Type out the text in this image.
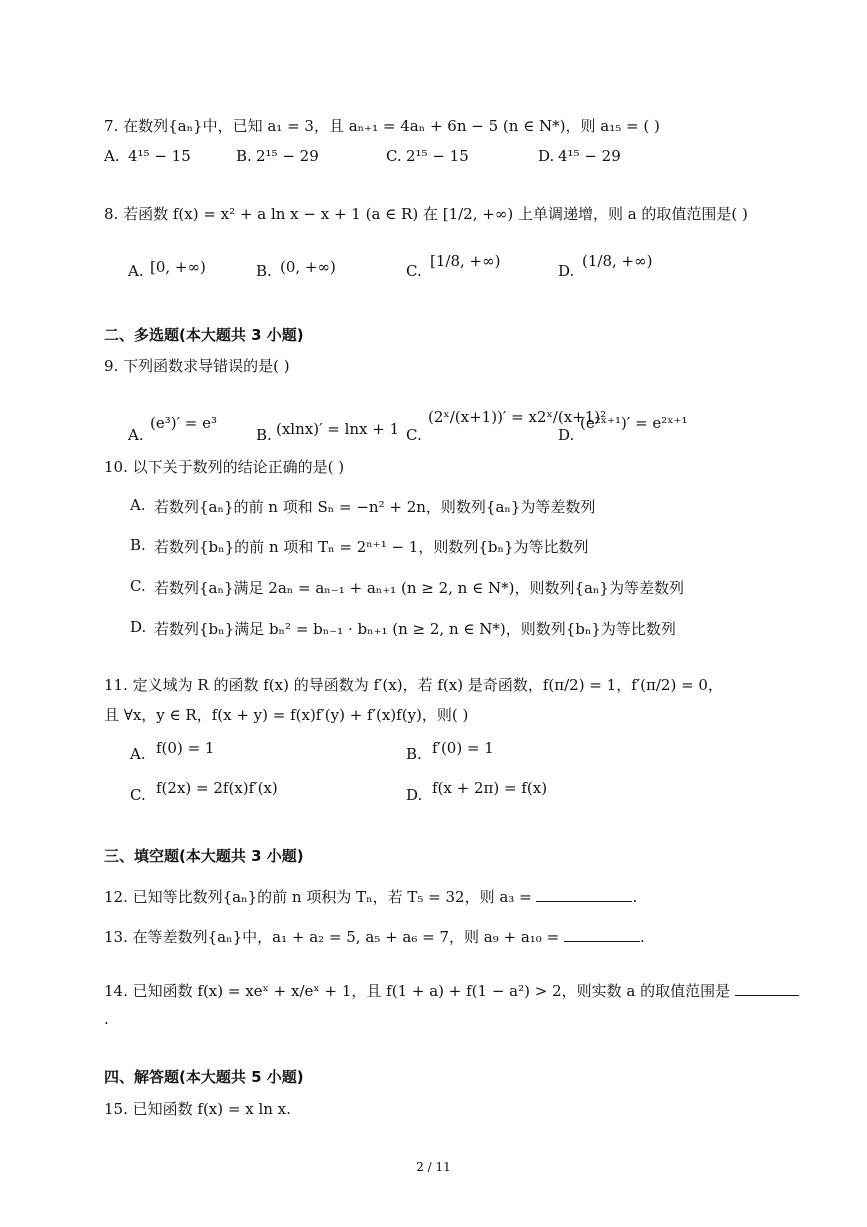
7. 在数列{aₙ}中，已知 a₁ = 3，且 aₙ₊₁ = 4aₙ + 6n − 5 (n ∈ N*)，则 a₁₅ = ( )
4¹⁵ − 15	2¹⁵ − 29	2¹⁵ − 15	4¹⁵ − 29
A.	B.	C.	D.
8. 若函数 f(x) = x² + a ln x − x + 1 (a ∈ R) 在 [1/2, +∞) 上单调递增，则 a 的取值范围是( )
A. [0, +∞)	B. (0, +∞)	C.
[1/8, +∞)
D.
(1/8, +∞)
二、多选题(本大题共 3 小题)
9. 下列函数求导错误的是( )
A.
(e³)′ = e³
B. (xlnx)′ = lnx + 1 C.
(2ˣ/(x+1))′ = x2ˣ/(x+1)²
D.
(e²ˣ⁺¹)′ = e²ˣ⁺¹
10. 以下关于数列的结论正确的是( )
A. 若数列{aₙ}的前 n 项和 Sₙ = −n² + 2n，则数列{aₙ}为等差数列
B. 若数列{bₙ}的前 n 项和 Tₙ = 2ⁿ⁺¹ − 1，则数列{bₙ}为等比数列
C. 若数列{aₙ}满足 2aₙ = aₙ₋₁ + aₙ₊₁ (n ≥ 2, n ∈ N*)，则数列{aₙ}为等差数列
D. 若数列{bₙ}满足 bₙ² = bₙ₋₁ · bₙ₊₁ (n ≥ 2, n ∈ N*)，则数列{bₙ}为等比数列
11. 定义域为 R 的函数 f(x) 的导函数为 f′(x)，若 f(x) 是奇函数，f(π/2) = 1，f′(π/2) = 0，
且 ∀x，y ∈ R，f(x + y) = f(x)f′(y) + f′(x)f(y)，则( )
A. f(0) = 1	B. f′(0) = 1
C. f(2x) = 2f(x)f′(x)	D. f(x + 2π) = f(x)
三、填空题(本大题共 3 小题)
12. 已知等比数列{aₙ}的前 n 项积为 Tₙ，若 T₅ = 32，则 a₃ =	.
13. 在等差数列{aₙ}中，a₁ + a₂ = 5, a₅ + a₆ = 7，则 a₉ + a₁₀ =	.
14. 已知函数 f(x) = xeˣ + x/eˣ + 1，且 f(1 + a) + f(1 − a²) > 2，则实数 a 的取值范围是
.
四、解答题(本大题共 5 小题)
15. 已知函数 f(x) = x ln x.
2 / 11
